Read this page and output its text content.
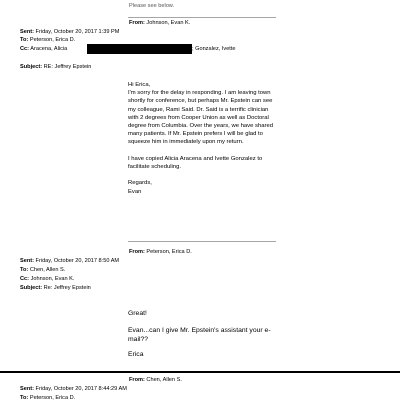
Please see below.
From: Johnson, Evan K.
Sent: Friday, October 20, 2017 1:39 PM
To: Peterson, Erica D.
Cc: Aracena, Alicia	; Gonzalez, Ivette
Subject: RE: Jeffrey Epstein
Hi Erica,
I'm sorry for the delay in responding. I am leaving town shortly for conference, but perhaps Mr. Epstein can see my colleague, Rami Said. Dr. Said is a terrific clinician with 2 degrees from Cooper Union as well as Doctoral degree from Columbia. Over the years, we have shared many patients. If Mr. Epstein prefers I will be glad to squeeze him in immediately upon my return.
I have copied Alicia Aracena and Ivette Gonzalez to facilitate scheduling.
Regards,
Evan
From: Peterson, Erica D.
Sent: Friday, October 20, 2017 8:50 AM
To: Chen, Allen S.
Cc: Johnson, Evan K.
Subject: Re: Jeffrey Epstein
Great!
Evan...can I give Mr. Epstein's assistant your e-mail??
Erica
From: Chen, Allen S.
Sent: Friday, October 20, 2017 8:44:29 AM
To: Peterson, Erica D.
